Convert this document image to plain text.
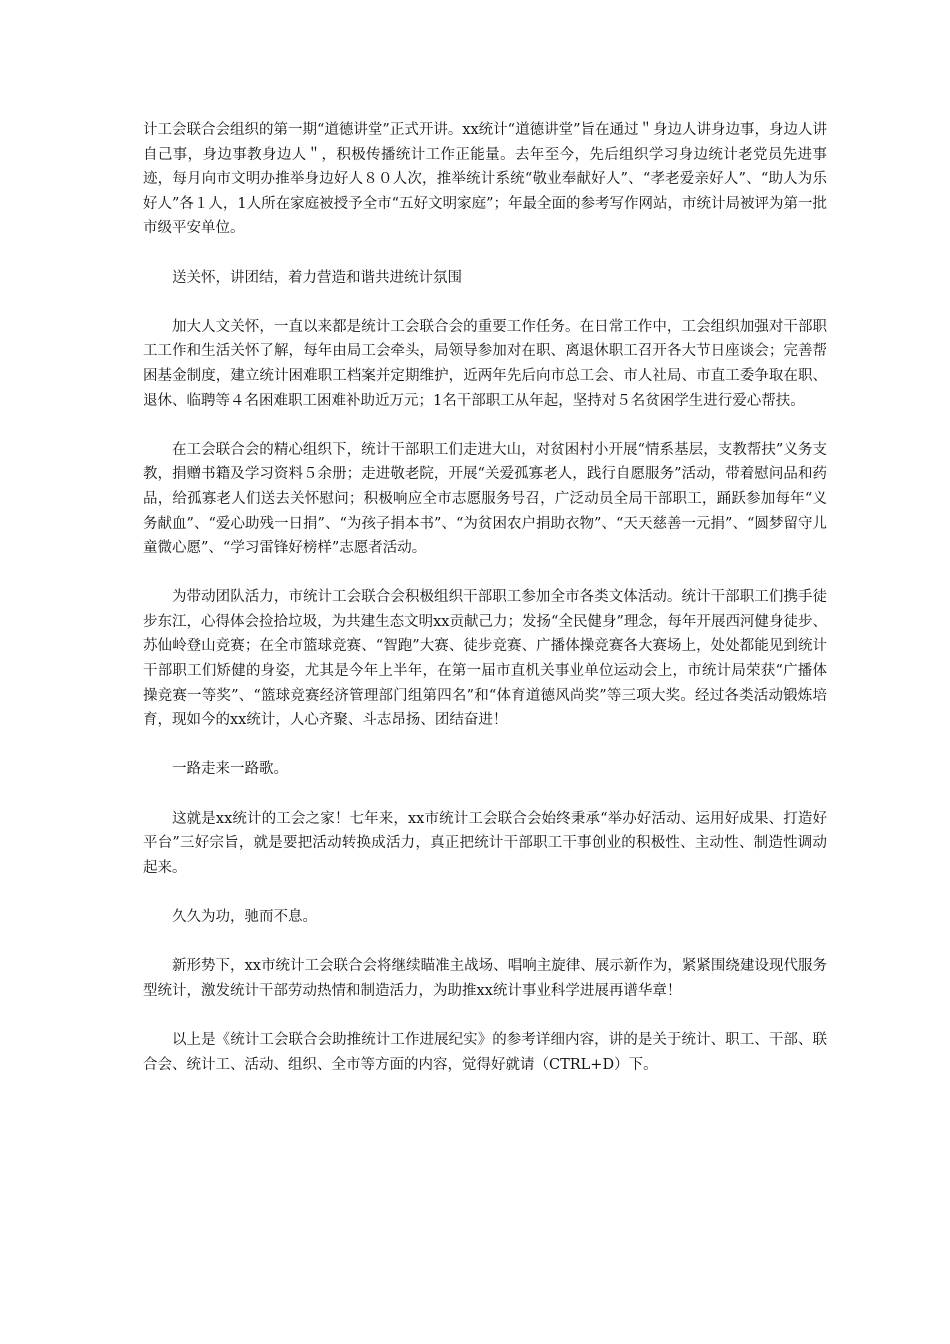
计工会联合会组织的第一期“道德讲堂”正式开讲。xx统计“道德讲堂”旨在通过＂身边人讲身边事，身边人讲自己事，身边事教身边人＂，积极传播统计工作正能量。去年至今，先后组织学习身边统计老党员先进事迹，每月向市文明办推举身边好人８０人次，推举统计系统“敬业奉献好人”、“孝老爱亲好人”、“助人为乐好人”各１人，1人所在家庭被授予全市“五好文明家庭”；年最全面的参考写作网站，市统计局被评为第一批市级平安单位。

送关怀，讲团结，着力营造和谐共进统计氛围

加大人文关怀，一直以来都是统计工会联合会的重要工作任务。在日常工作中，工会组织加强对干部职工工作和生活关怀了解，每年由局工会牵头，局领导参加对在职、离退休职工召开各大节日座谈会；完善帮困基金制度，建立统计困难职工档案并定期维护，近两年先后向市总工会、市人社局、市直工委争取在职、退休、临聘等４名困难职工困难补助近万元；1名干部职工从年起，坚持对５名贫困学生进行爱心帮扶。

在工会联合会的精心组织下，统计干部职工们走进大山，对贫困村小开展“情系基层，支教帮扶”义务支教，捐赠书籍及学习资料５余册；走进敬老院，开展“关爱孤寡老人，践行自愿服务”活动，带着慰问品和药品，给孤寡老人们送去关怀慰问；积极响应全市志愿服务号召，广泛动员全局干部职工，踊跃参加每年“义务献血”、“爱心助残一日捐”、“为孩子捐本书”、“为贫困农户捐助衣物”、“天天慈善一元捐”、“圆梦留守儿童微心愿”、“学习雷锋好榜样”志愿者活动。

为带动团队活力，市统计工会联合会积极组织干部职工参加全市各类文体活动。统计干部职工们携手徒步东江，心得体会捡拾垃圾，为共建生态文明xx贡献己力；发扬“全民健身”理念，每年开展西河健身徒步、苏仙岭登山竞赛；在全市篮球竞赛、“智跑”大赛、徒步竞赛、广播体操竞赛各大赛场上，处处都能见到统计干部职工们矫健的身姿，尤其是今年上半年，在第一届市直机关事业单位运动会上，市统计局荣获“广播体操竞赛一等奖”、“篮球竞赛经济管理部门组第四名”和“体育道德风尚奖”等三项大奖。经过各类活动锻炼培育，现如今的xx统计，人心齐聚、斗志昂扬、团结奋进！

一路走来一路歌。

这就是xx统计的工会之家！七年来，xx市统计工会联合会始终秉承“举办好活动、运用好成果、打造好平台”三好宗旨，就是要把活动转换成活力，真正把统计干部职工干事创业的积极性、主动性、制造性调动起来。

久久为功，驰而不息。

新形势下，xx市统计工会联合会将继续瞄准主战场、唱响主旋律、展示新作为，紧紧围绕建设现代服务型统计，激发统计干部劳动热情和制造活力，为助推xx统计事业科学进展再谱华章！

以上是《统计工会联合会助推统计工作进展纪实》的参考详细内容，讲的是关于统计、职工、干部、联合会、统计工、活动、组织、全市等方面的内容，觉得好就请（CTRL+D）下。
